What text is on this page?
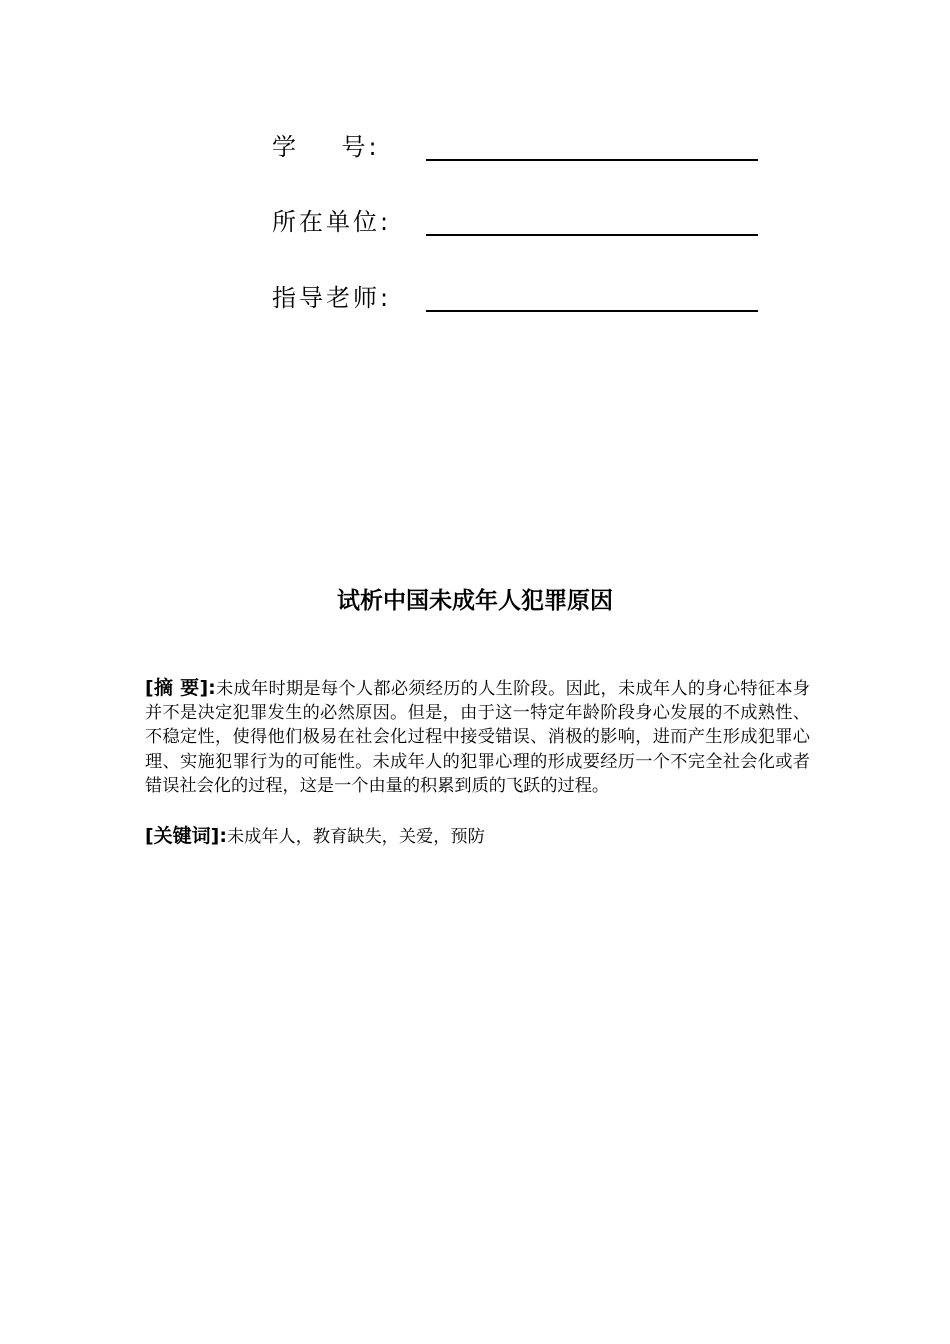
学    号:
所在单位:
指导老师:
试析中国未成年人犯罪原因
[摘 要]:未成年时期是每个人都必须经历的人生阶段。因此，未成年人的身心特征本身并不是决定犯罪发生的必然原因。但是，由于这一特定年龄阶段身心发展的不成熟性、不稳定性，使得他们极易在社会化过程中接受错误、消极的影响，进而产生形成犯罪心理、实施犯罪行为的可能性。未成年人的犯罪心理的形成要经历一个不完全社会化或者错误社会化的过程，这是一个由量的积累到质的飞跃的过程。
[关键词]:未成年人，教育缺失，关爱，预防
